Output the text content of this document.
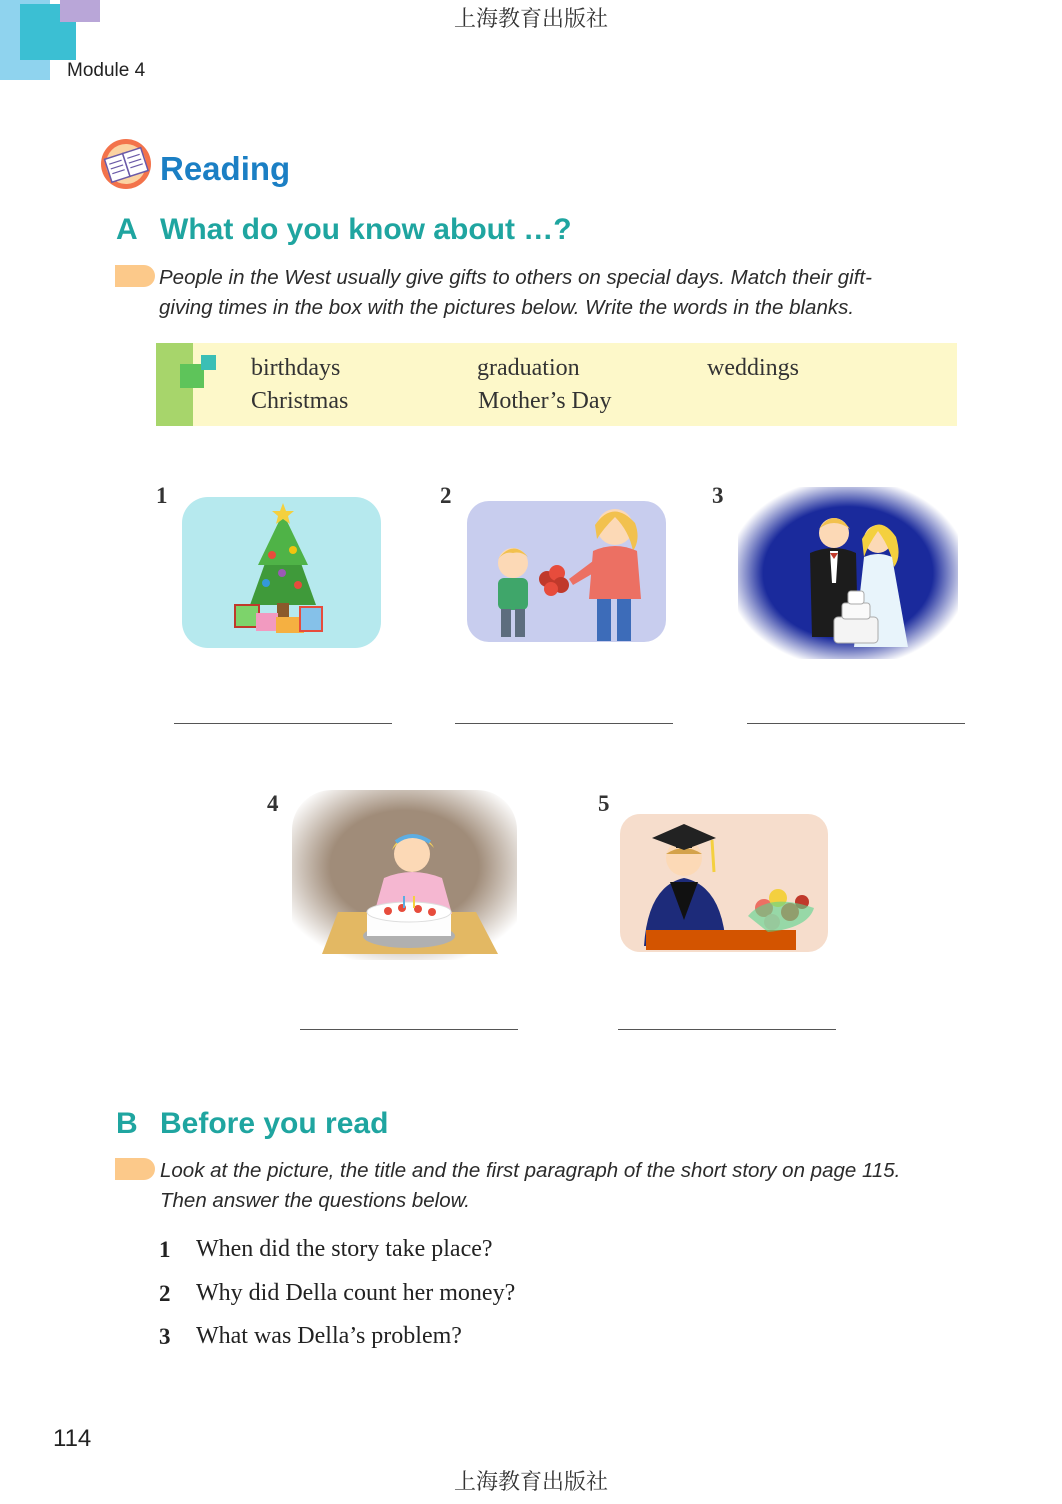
上海教育出版社
Module 4
Reading
A What do you know about …?
People in the West usually give gifts to others on special days. Match their gift-
giving times in the box with the pictures below. Write the words in the blanks.
birthdays	graduation	weddings
Christmas	Mother’s Day
1	2	3
4	5
B Before you read
Look at the picture, the title and the first paragraph of the short story on page 115.
Then answer the questions below.
1 When did the story take place?
2 Why did Della count her money?
3 What was Della’s problem?
114
上海教育出版社
